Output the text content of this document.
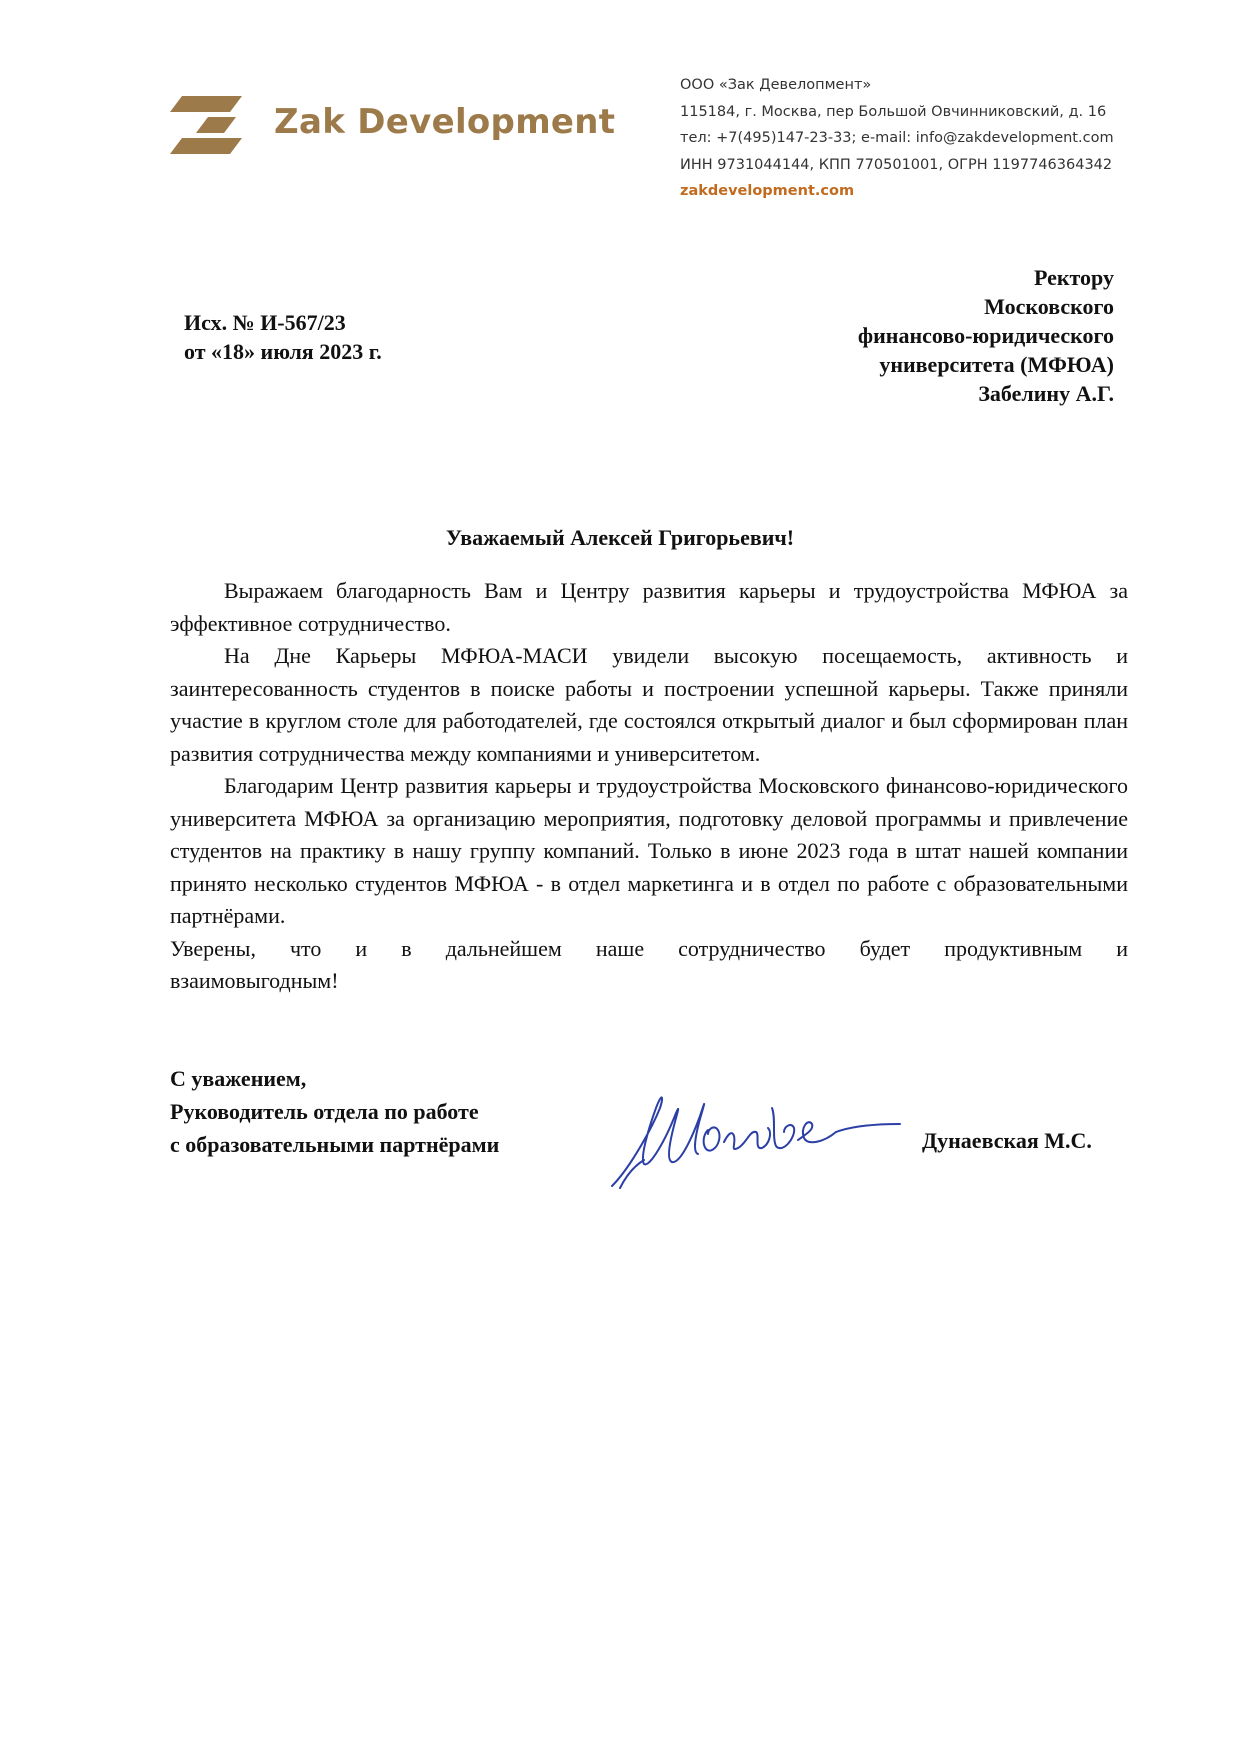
Zak Development
ООО «Зак Девелопмент»
115184, г. Москва, пер Большой Овчинниковский, д. 16
тел: +7(495)147-23-33; e-mail: info@zakdevelopment.com
ИНН 9731044144, КПП 770501001, ОГРН 1197746364342
zakdevelopment.com
Исх. № И-567/23
от «18» июля 2023 г.
Ректору
Московского
финансово-юридического
университета (МФЮА)
Забелину А.Г.
Уважаемый Алексей Григорьевич!

Выражаем благодарность Вам и Центру развития карьеры и трудоустройства МФЮА за эффективное сотрудничество.

На Дне Карьеры МФЮА-МАСИ увидели высокую посещаемость, активность и заинтересованность студентов в поиске работы и построении успешной карьеры. Также приняли участие в круглом столе для работодателей, где состоялся открытый диалог и был сформирован план развития сотрудничества между компаниями и университетом.

Благодарим Центр развития карьеры и трудоустройства Московского финансово-юридического университета МФЮА за организацию мероприятия, подготовку деловой программы и привлечение студентов на практику в нашу группу компаний. Только в июне 2023 года в штат нашей компании принято несколько студентов МФЮА - в отдел маркетинга и в отдел по работе с образовательными партнёрами.

Уверены, что и в дальнейшем наше сотрудничество будет продуктивным и

взаимовыгодным!

С уважением,
Руководитель отдела по работе
с образовательными партнёрами	Дунаевская М.С.
